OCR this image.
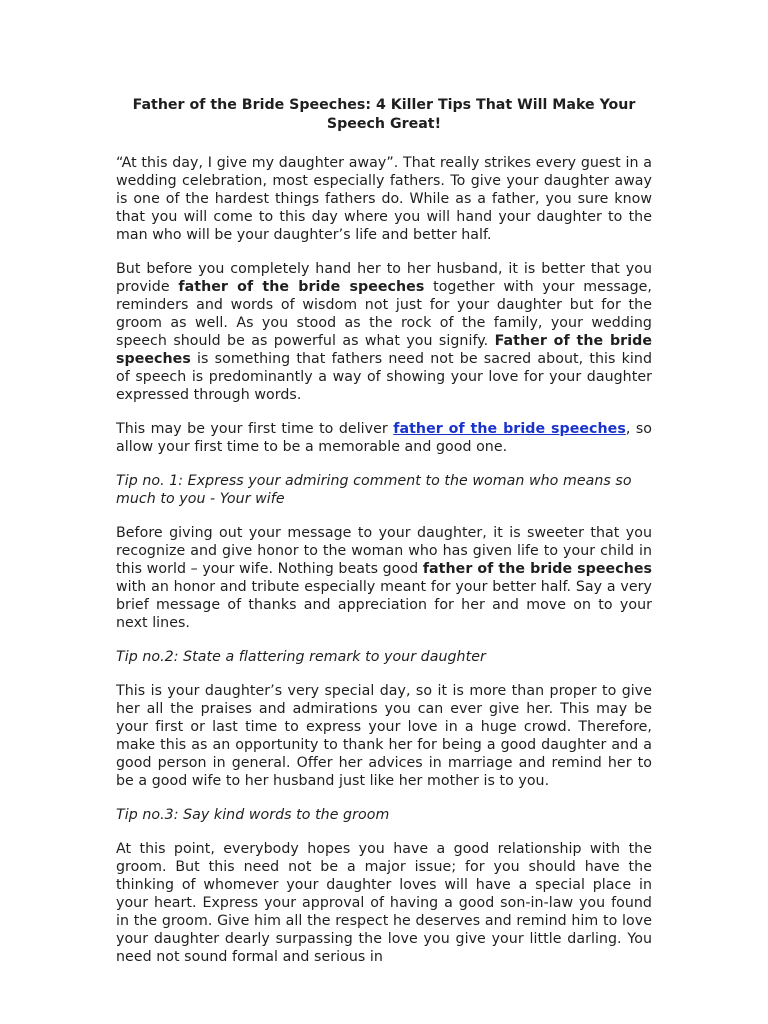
Father of the Bride Speeches: 4 Killer Tips That Will Make Your Speech Great!

“At this day, I give my daughter away”. That really strikes every guest in a wedding celebration, most especially fathers. To give your daughter away is one of the hardest things fathers do. While as a father, you sure know that you will come to this day where you will hand your daughter to the man who will be your daughter’s life and better half.

But before you completely hand her to her husband, it is better that you provide father of the bride speeches together with your message, reminders and words of wisdom not just for your daughter but for the groom as well. As you stood as the rock of the family, your wedding speech should be as powerful as what you signify. Father of the bride speeches is something that fathers need not be sacred about, this kind of speech is predominantly a way of showing your love for your daughter expressed through words.

This may be your first time to deliver father of the bride speeches, so allow your first time to be a memorable and good one.

Tip no. 1: Express your admiring comment to the woman who means so much to you - Your wife

Before giving out your message to your daughter, it is sweeter that you recognize and give honor to the woman who has given life to your child in this world – your wife. Nothing beats good father of the bride speeches with an honor and tribute especially meant for your better half. Say a very brief message of thanks and appreciation for her and move on to your next lines.

Tip no.2: State a flattering remark to your daughter

This is your daughter’s very special day, so it is more than proper to give her all the praises and admirations you can ever give her. This may be your first or last time to express your love in a huge crowd. Therefore, make this as an opportunity to thank her for being a good daughter and a good person in general. Offer her advices in marriage and remind her to be a good wife to her husband just like her mother is to you.

Tip no.3: Say kind words to the groom

At this point, everybody hopes you have a good relationship with the groom. But this need not be a major issue; for you should have the thinking of whomever your daughter loves will have a special place in your heart. Express your approval of having a good son-in-law you found in the groom. Give him all the respect he deserves and remind him to love your daughter dearly surpassing the love you give your little darling. You need not sound formal and serious in
